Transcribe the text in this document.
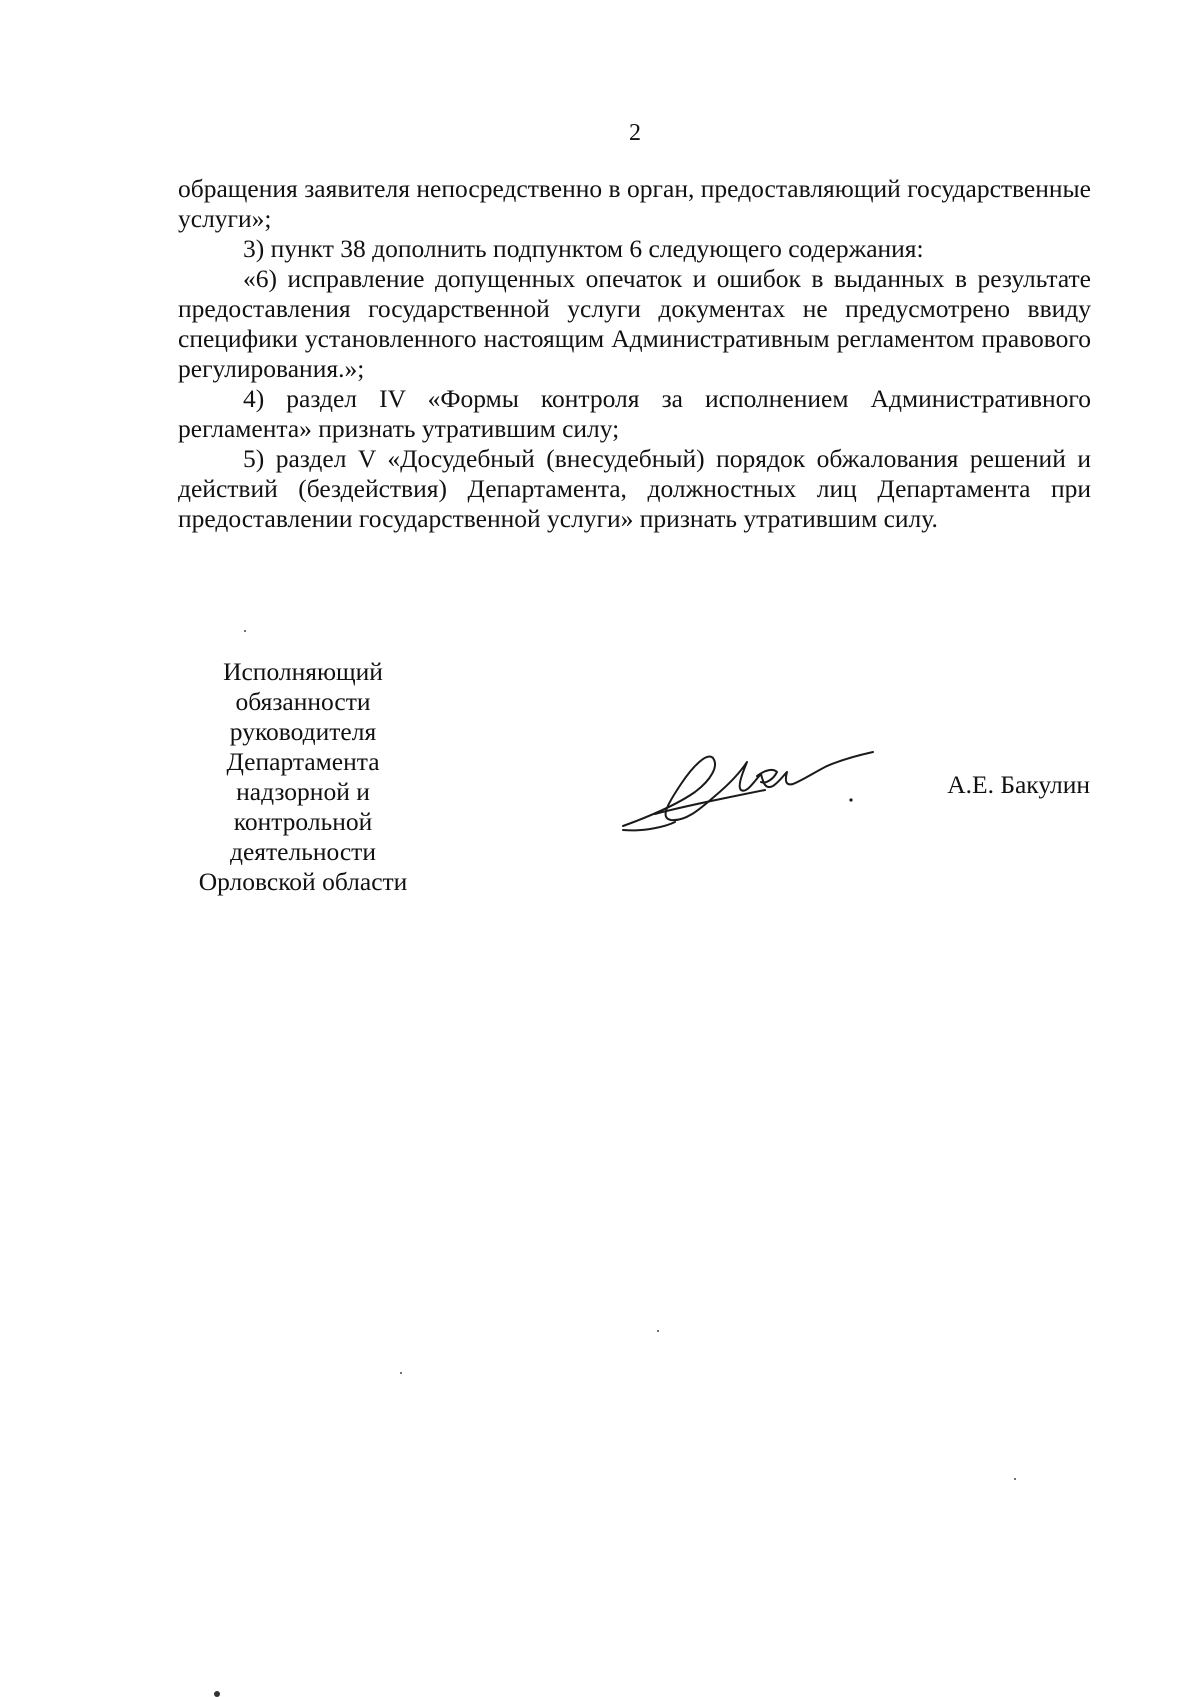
2

обращения заявителя непосредственно в орган, предоставляющий государственные услуги»;

3) пункт 38 дополнить подпунктом 6 следующего содержания:

«6) исправление допущенных опечаток и ошибок в выданных в результате предоставления государственной услуги документах не предусмотрено ввиду специфики установленного настоящим Административным регламентом правового регулирования.»;

4) раздел IV «Формы контроля за исполнением Административного регламента» признать утратившим силу;

5) раздел V «Досудебный (внесудебный) порядок обжалования решений и действий (бездействия) Департамента, должностных лиц Департамента при предоставлении государственной услуги» признать утратившим силу.

Исполняющий
обязанности
руководителя
Департамента
надзорной и
контрольной
деятельности
Орловской области
А.Е. Бакулин
